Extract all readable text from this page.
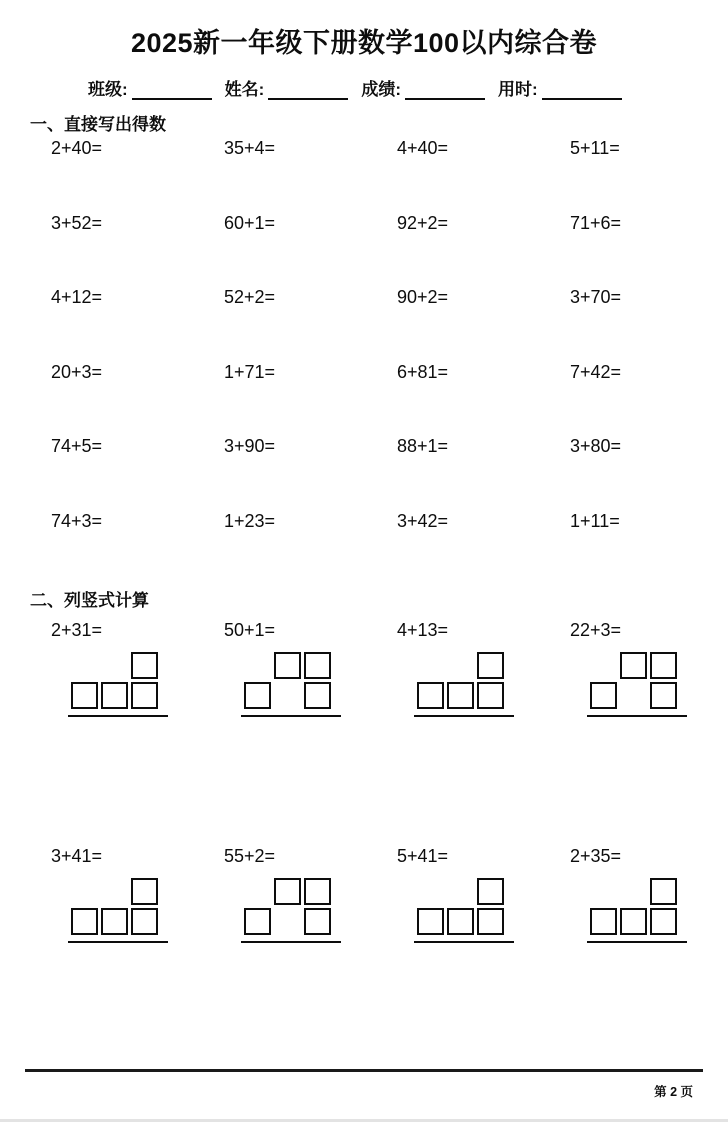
2025新一年级下册数学100以内综合卷
班级:	姓名:	成绩:	用时:
一、直接写出得数
2+40=	35+4=	4+40=	5+11=
3+52=	60+1=	92+2=	71+6=
4+12=	52+2=	90+2=	3+70=
20+3=	1+71=	6+81=	7+42=
74+5=	3+90=	88+1=	3+80=
74+3=	1+23=	3+42=	1+11=
二、列竖式计算
2+31=	50+1=	4+13=	22+3=
3+41=	55+2=	5+41=	2+35=
第 2 页
